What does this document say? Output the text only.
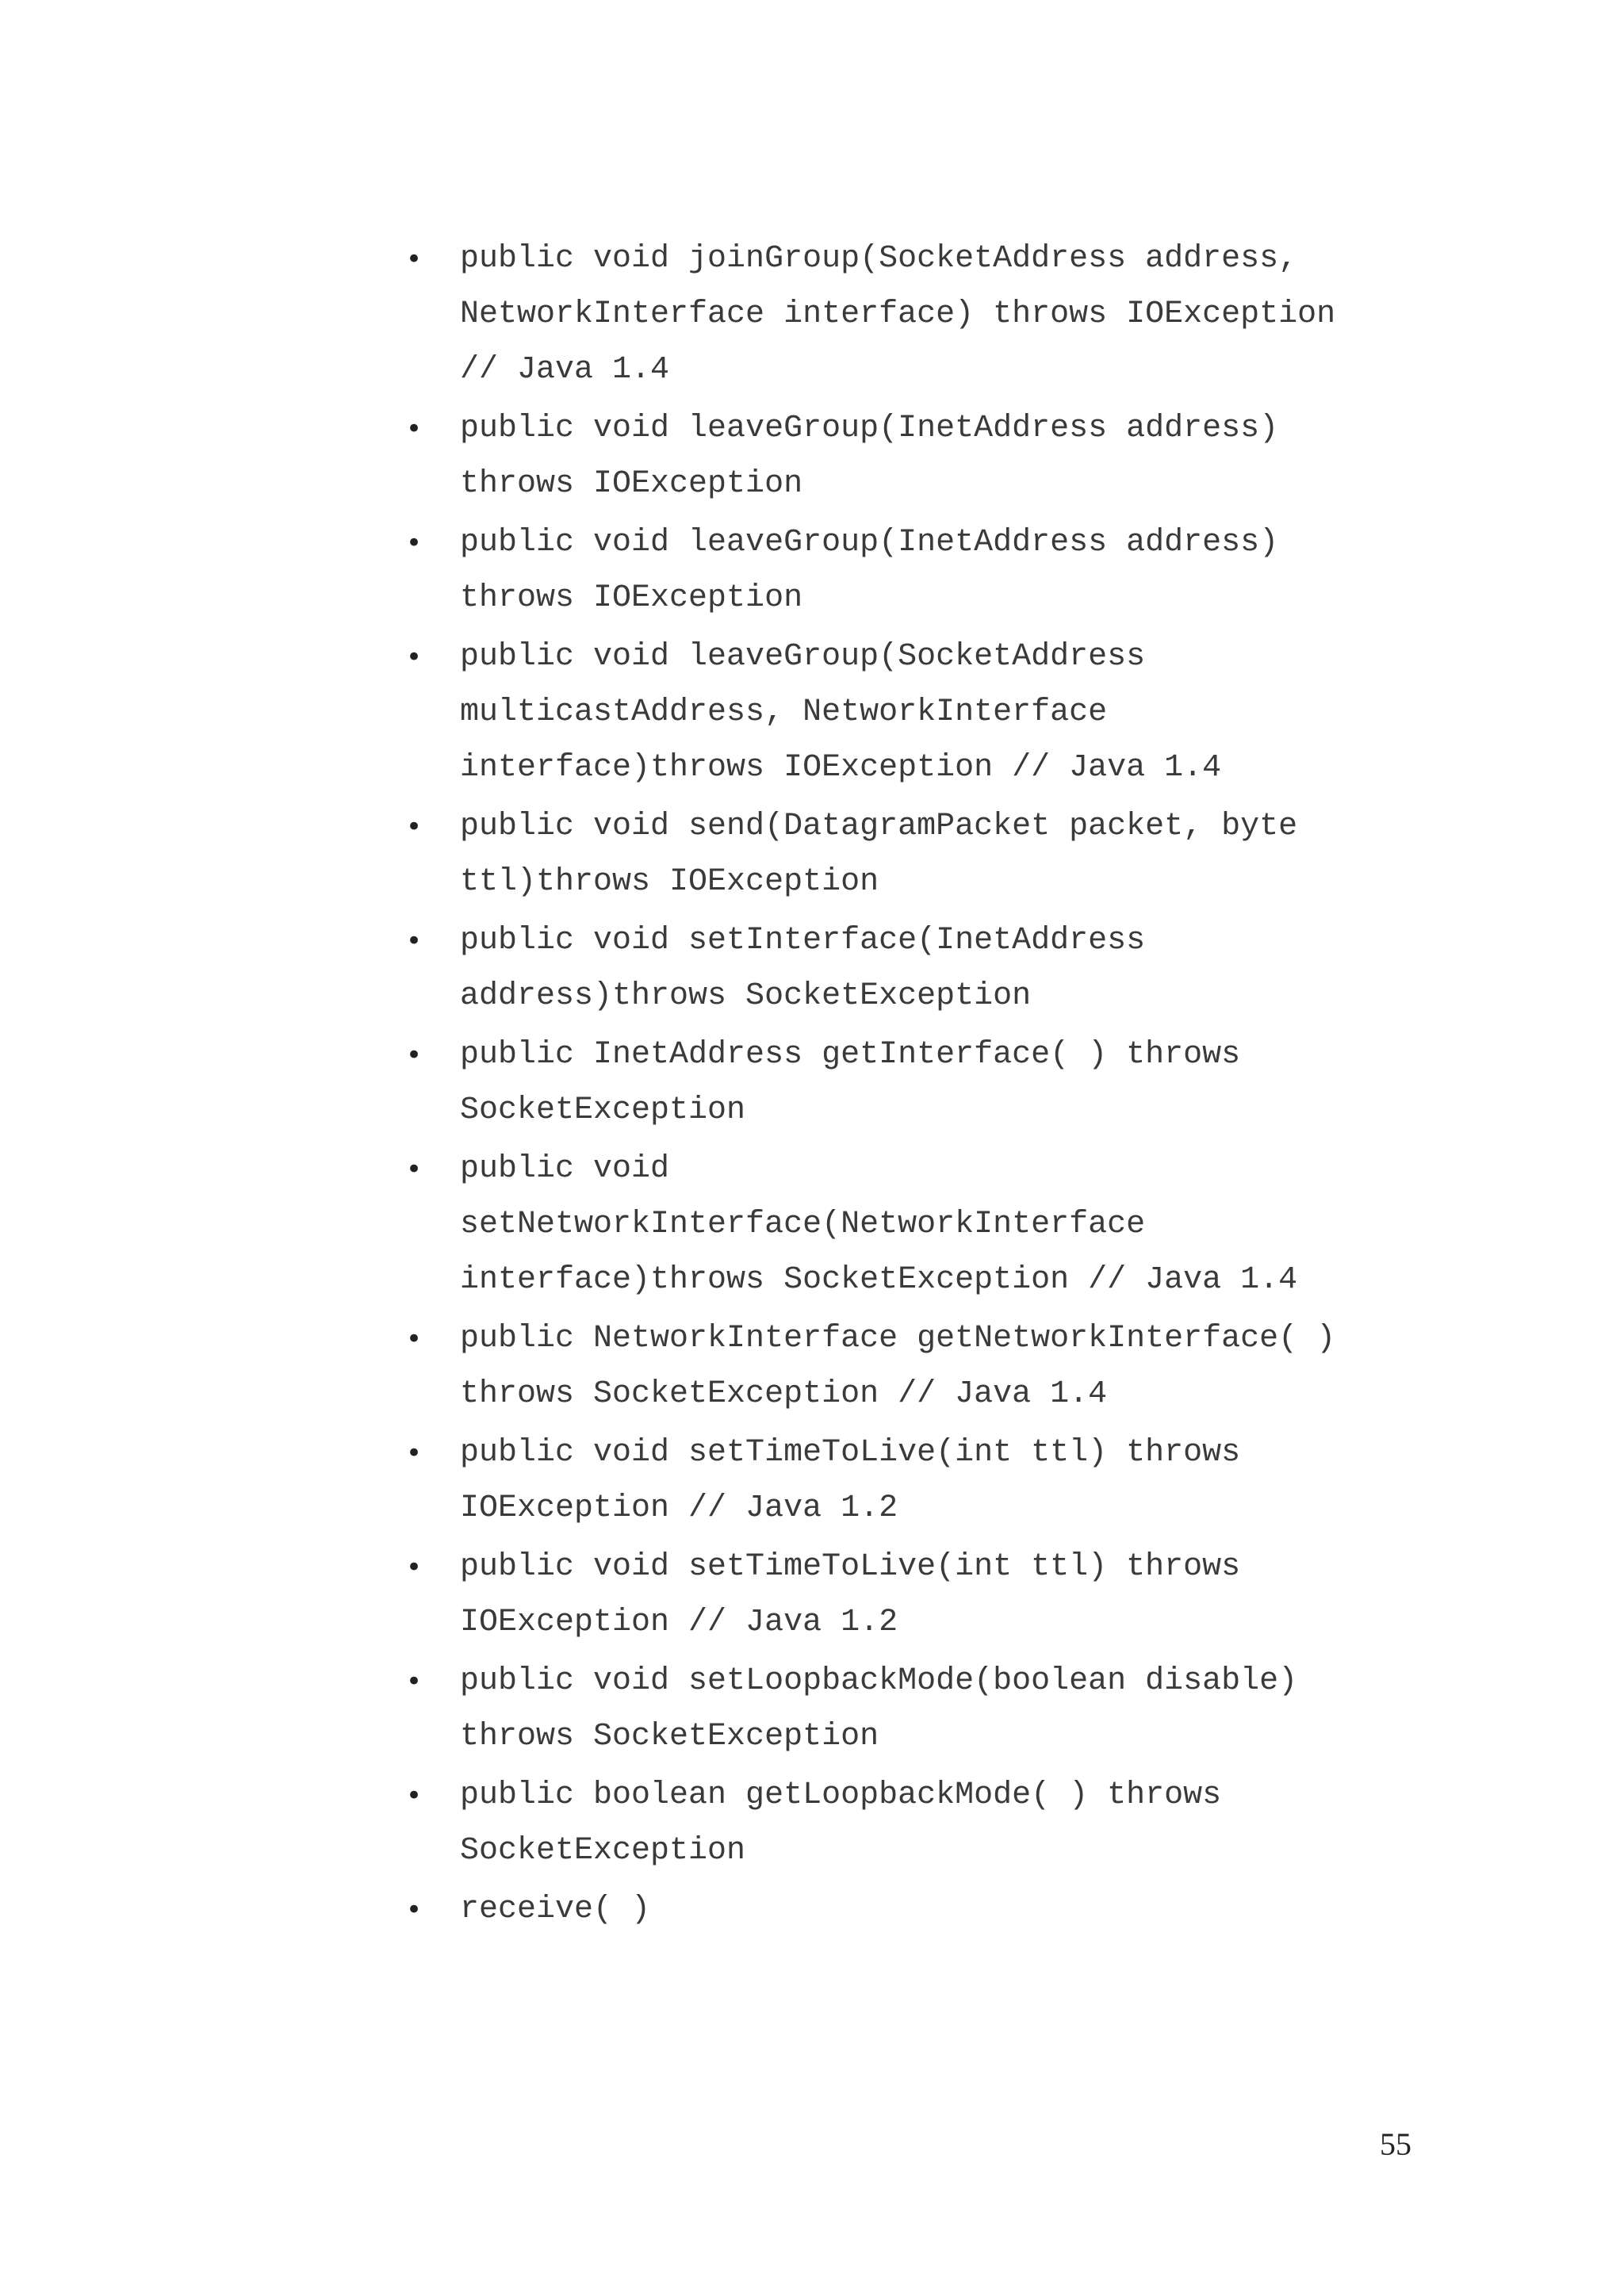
•	public void joinGroup(SocketAddress address,
NetworkInterface interface) throws IOException
// Java 1.4
•	public void leaveGroup(InetAddress address)
throws IOException
•	public void leaveGroup(InetAddress address)
throws IOException
•	public void leaveGroup(SocketAddress
multicastAddress, NetworkInterface
interface)throws IOException // Java 1.4
•	public void send(DatagramPacket packet, byte
ttl)throws IOException
•	public void setInterface(InetAddress
address)throws SocketException
•	public InetAddress getInterface( ) throws
SocketException
•	public void
setNetworkInterface(NetworkInterface
interface)throws SocketException // Java 1.4
•	public NetworkInterface getNetworkInterface( )
throws SocketException // Java 1.4
•	public void setTimeToLive(int ttl) throws
IOException // Java 1.2
•	public void setTimeToLive(int ttl) throws
IOException // Java 1.2
•	public void setLoopbackMode(boolean disable)
throws SocketException
•	public boolean getLoopbackMode( ) throws
SocketException
•	receive( )
55
